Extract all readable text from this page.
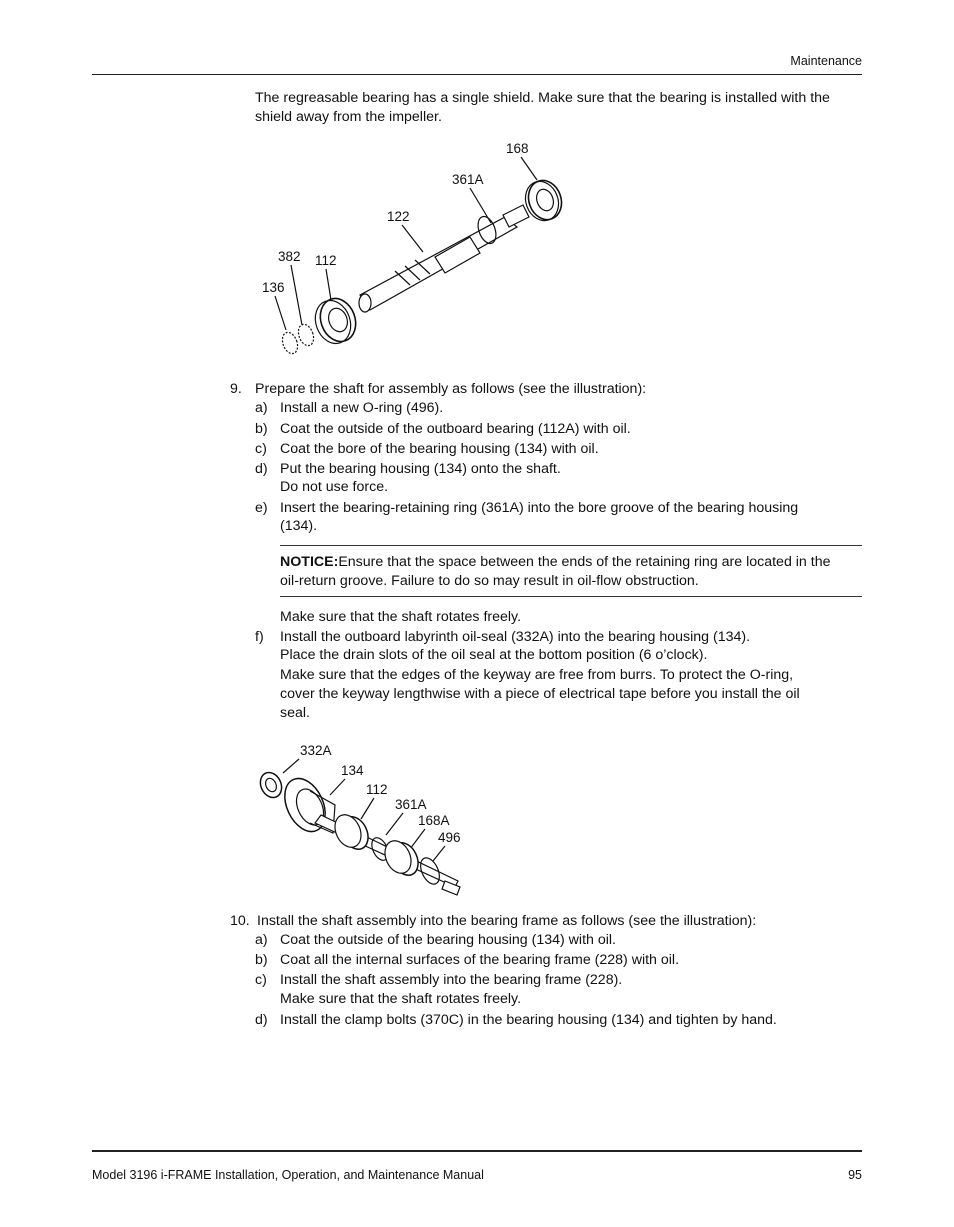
Maintenance
The regreasable bearing has a single shield. Make sure that the bearing is installed with the shield away from the impeller.
168
361A
122
382 112
136
9. Prepare the shaft for assembly as follows (see the illustration):
a) Install a new O-ring (496).
b) Coat the outside of the outboard bearing (112A) with oil.
c) Coat the bore of the bearing housing (134) with oil.
d) Put the bearing housing (134) onto the shaft.
Do not use force.
e) Insert the bearing-retaining ring (361A) into the bore groove of the bearing housing
(134).
NOTICE:Ensure that the space between the ends of the retaining ring are located in the
oil-return groove. Failure to do so may result in oil-flow obstruction.
Make sure that the shaft rotates freely.
f) Install the outboard labyrinth oil-seal (332A) into the bearing housing (134).
Place the drain slots of the oil seal at the bottom position (6 o’clock).
Make sure that the edges of the keyway are free from burrs. To protect the O-ring,
cover the keyway lengthwise with a piece of electrical tape before you install the oil
seal.
332A
134
112
361A
168A
496
10. Install the shaft assembly into the bearing frame as follows (see the illustration):
a) Coat the outside of the bearing housing (134) with oil.
b) Coat all the internal surfaces of the bearing frame (228) with oil.
c) Install the shaft assembly into the bearing frame (228).
Make sure that the shaft rotates freely.
d) Install the clamp bolts (370C) in the bearing housing (134) and tighten by hand.
Model 3196 i-FRAME Installation, Operation, and Maintenance Manual	95
